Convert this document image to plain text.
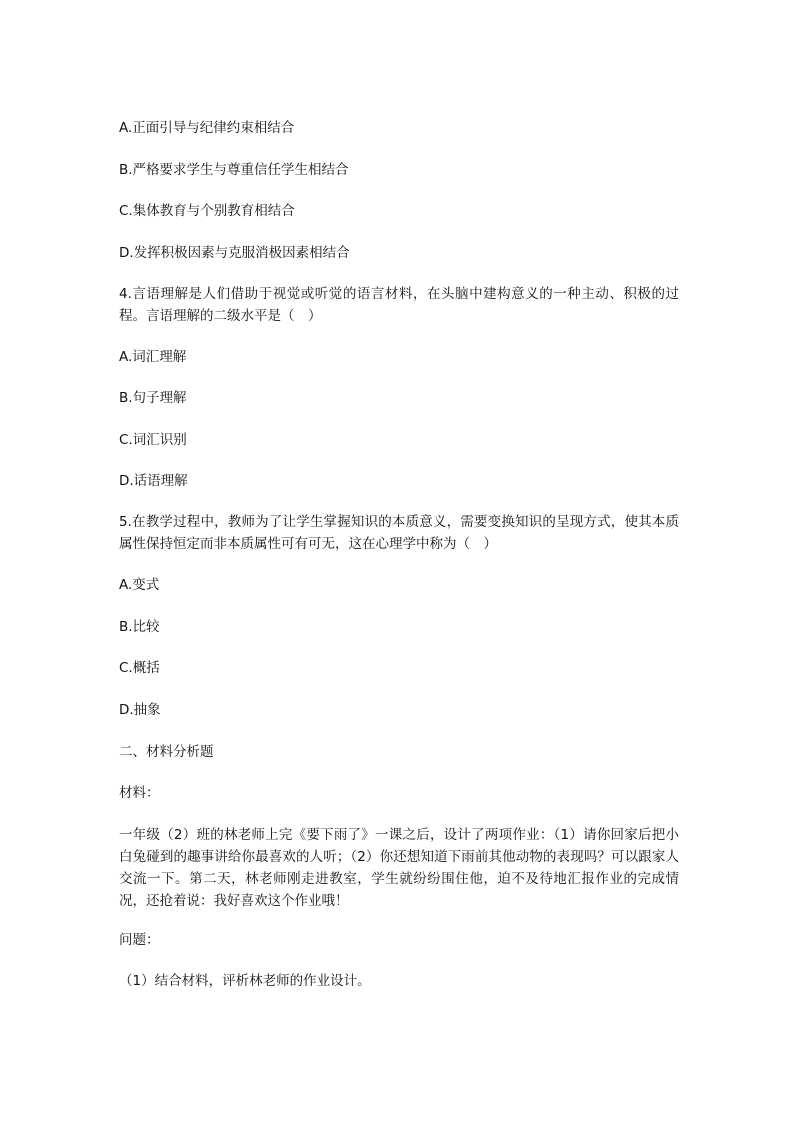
A.正面引导与纪律约束相结合
B.严格要求学生与尊重信任学生相结合
C.集体教育与个别教育相结合
D.发挥积极因素与克服消极因素相结合
4.言语理解是人们借助于视觉或听觉的语言材料，在头脑中建构意义的一种主动、积极的过程。言语理解的二级水平是（　）
A.词汇理解
B.句子理解
C.词汇识别
D.话语理解
5.在教学过程中，教师为了让学生掌握知识的本质意义，需要变换知识的呈现方式，使其本质属性保持恒定而非本质属性可有可无，这在心理学中称为（　）
A.变式
B.比较
C.概括
D.抽象
二、材料分析题
材料：
一年级（2）班的林老师上完《要下雨了》一课之后，设计了两项作业：（1）请你回家后把小白兔碰到的趣事讲给你最喜欢的人听；（2）你还想知道下雨前其他动物的表现吗？可以跟家人交流一下。第二天，林老师刚走进教室，学生就纷纷围住他，迫不及待地汇报作业的完成情况，还抢着说：我好喜欢这个作业哦！
问题：
（1）结合材料，评析林老师的作业设计。
